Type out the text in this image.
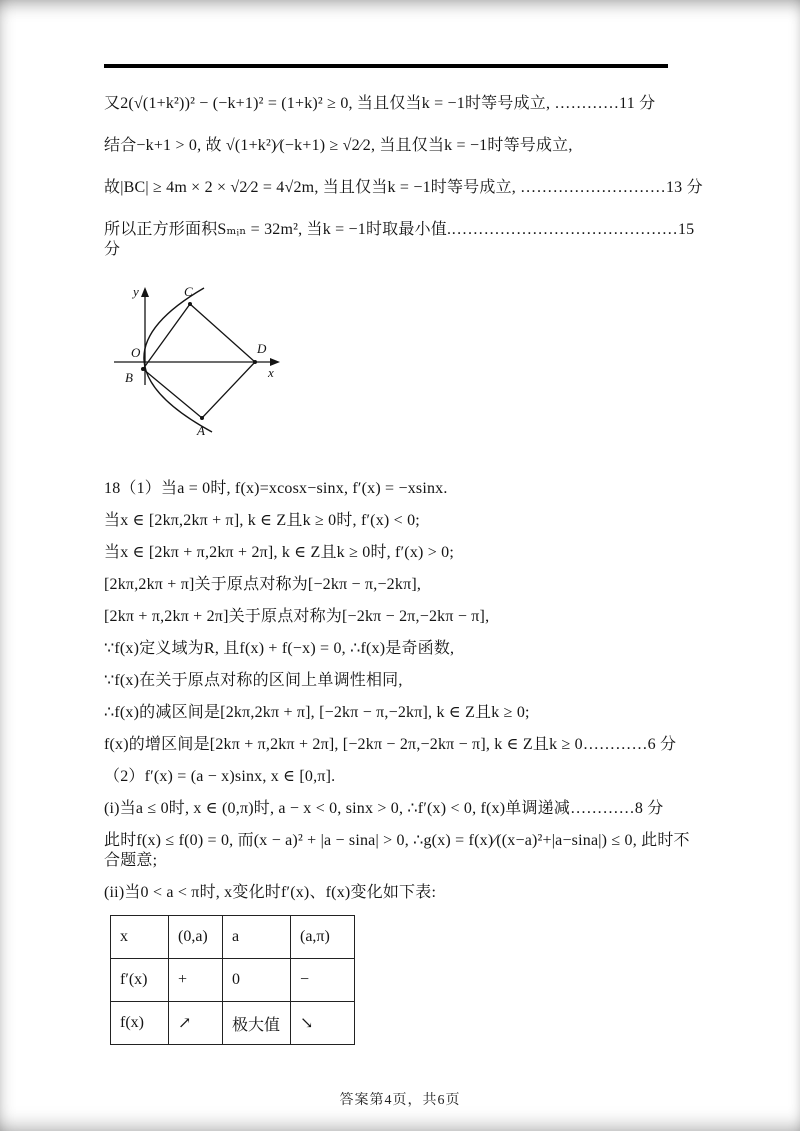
又2(√(1+k²))² − (−k+1)² = (1+k)² ≥ 0, 当且仅当k = −1时等号成立, …………11 分

结合−k+1 > 0, 故 √(1+k²)∕(−k+1) ≥ √2∕2, 当且仅当k = −1时等号成立,

故|BC| ≥ 4m × 2 × √2∕2 = 4√2m, 当且仅当k = −1时等号成立, ………………………13 分

所以正方形面积Sₘᵢₙ = 32m², 当k = −1时取最小值.……………………………………15 分

y
x
O
B
C
D
A

18（1）当a = 0时, f(x)=xcosx−sinx, f′(x) = −xsinx.

当x ∈ [2kπ,2kπ + π], k ∈ Z且k ≥ 0时, f′(x) < 0;

当x ∈ [2kπ + π,2kπ + 2π], k ∈ Z且k ≥ 0时, f′(x) > 0;

[2kπ,2kπ + π]关于原点对称为[−2kπ − π,−2kπ],

[2kπ + π,2kπ + 2π]关于原点对称为[−2kπ − 2π,−2kπ − π],

∵f(x)定义域为R, 且f(x) + f(−x) = 0, ∴f(x)是奇函数,

∵f(x)在关于原点对称的区间上单调性相同,

∴f(x)的减区间是[2kπ,2kπ + π], [−2kπ − π,−2kπ], k ∈ Z且k ≥ 0;

f(x)的增区间是[2kπ + π,2kπ + 2π], [−2kπ − 2π,−2kπ − π], k ∈ Z且k ≥ 0…………6 分

（2）f′(x) = (a − x)sinx, x ∈ [0,π].

(i)当a ≤ 0时, x ∈ (0,π)时, a − x < 0, sinx > 0, ∴f′(x) < 0, f(x)单调递减…………8 分

此时f(x) ≤ f(0) = 0, 而(x − a)² + |a − sina| > 0, ∴g(x) = f(x)∕((x−a)²+|a−sina|) ≤ 0, 此时不合题意;

(ii)当0 < a < π时, x变化时f′(x)、f(x)变化如下表:

x	(0,a)	a	(a,π)
f′(x)	+	0	−
f(x)	↗	极大值	↘
答案第4页，共6页
